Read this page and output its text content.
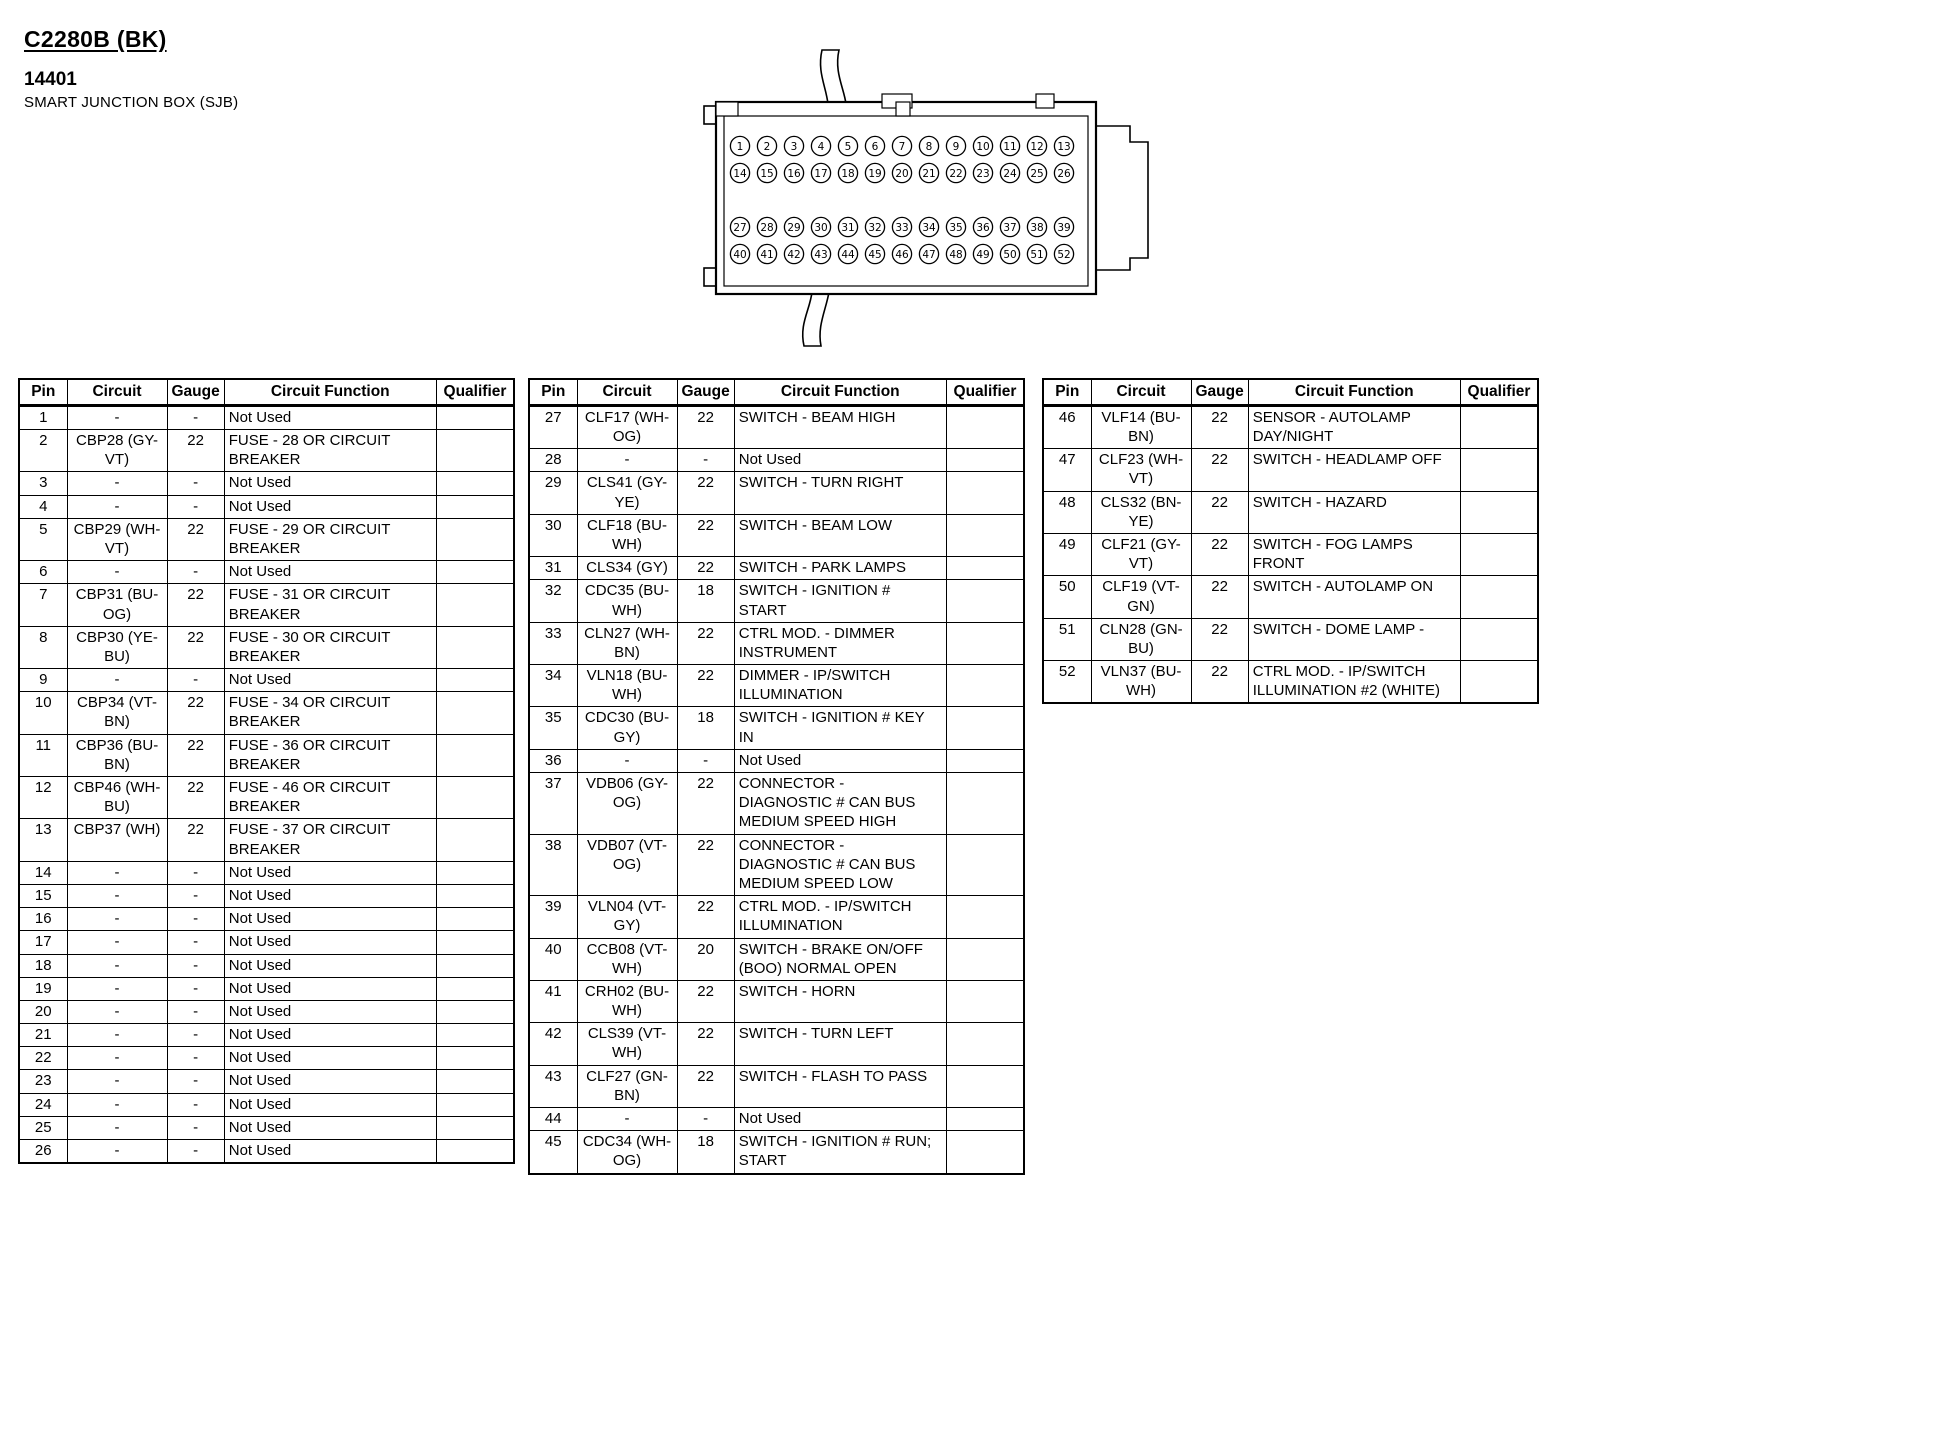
C2280B (BK)
14401
SMART JUNCTION BOX (SJB)
1 2 3 4 5 6 7 8 9 10 11 12 13
14 15 16 17 18 19 20 21 22 23 24 25 26
27 28 29 30 31 32 33 34 35 36 37 38 39
40 41 42 43 44 45 46 47 48 49 50 51 52
Pin	Circuit	Gauge	Circuit Function	Qualifier
1	-	-	Not Used	
2	CBP28 (GY-VT)	22	FUSE - 28 OR CIRCUIT BREAKER	
3	-	-	Not Used	
4	-	-	Not Used	
5	CBP29 (WH-VT)	22	FUSE - 29 OR CIRCUIT BREAKER	
6	-	-	Not Used	
7	CBP31 (BU-OG)	22	FUSE - 31 OR CIRCUIT BREAKER	
8	CBP30 (YE-BU)	22	FUSE - 30 OR CIRCUIT BREAKER	
9	-	-	Not Used	
10	CBP34 (VT-BN)	22	FUSE - 34 OR CIRCUIT BREAKER	
11	CBP36 (BU-BN)	22	FUSE - 36 OR CIRCUIT BREAKER	
12	CBP46 (WH-BU)	22	FUSE - 46 OR CIRCUIT BREAKER	
13	CBP37 (WH)	22	FUSE - 37 OR CIRCUIT BREAKER	
14	-	-	Not Used	
15	-	-	Not Used	
16	-	-	Not Used	
17	-	-	Not Used	
18	-	-	Not Used	
19	-	-	Not Used	
20	-	-	Not Used	
21	-	-	Not Used	
22	-	-	Not Used	
23	-	-	Not Used	
24	-	-	Not Used	
25	-	-	Not Used	
26	-	-	Not Used	
Pin	Circuit	Gauge	Circuit Function	Qualifier
27	CLF17 (WH-OG)	22	SWITCH - BEAM HIGH	
28	-	-	Not Used	
29	CLS41 (GY-YE)	22	SWITCH - TURN RIGHT	
30	CLF18 (BU-WH)	22	SWITCH - BEAM LOW	
31	CLS34 (GY)	22	SWITCH - PARK LAMPS	
32	CDC35 (BU-WH)	18	SWITCH - IGNITION # START	
33	CLN27 (WH-BN)	22	CTRL MOD. - DIMMER INSTRUMENT	
34	VLN18 (BU-WH)	22	DIMMER - IP/SWITCH ILLUMINATION	
35	CDC30 (BU-GY)	18	SWITCH - IGNITION # KEY IN	
36	-	-	Not Used	
37	VDB06 (GY-OG)	22	CONNECTOR - DIAGNOSTIC # CAN BUS MEDIUM SPEED HIGH	
38	VDB07 (VT-OG)	22	CONNECTOR - DIAGNOSTIC # CAN BUS MEDIUM SPEED LOW	
39	VLN04 (VT-GY)	22	CTRL MOD. - IP/SWITCH ILLUMINATION	
40	CCB08 (VT-WH)	20	SWITCH - BRAKE ON/OFF (BOO) NORMAL OPEN	
41	CRH02 (BU-WH)	22	SWITCH - HORN	
42	CLS39 (VT-WH)	22	SWITCH - TURN LEFT	
43	CLF27 (GN-BN)	22	SWITCH - FLASH TO PASS	
44	-	-	Not Used	
45	CDC34 (WH-OG)	18	SWITCH - IGNITION # RUN; START	
Pin	Circuit	Gauge	Circuit Function	Qualifier
46	VLF14 (BU-BN)	22	SENSOR - AUTOLAMP DAY/NIGHT	
47	CLF23 (WH-VT)	22	SWITCH - HEADLAMP OFF	
48	CLS32 (BN-YE)	22	SWITCH - HAZARD	
49	CLF21 (GY-VT)	22	SWITCH - FOG LAMPS FRONT	
50	CLF19 (VT-GN)	22	SWITCH - AUTOLAMP ON	
51	CLN28 (GN-BU)	22	SWITCH - DOME LAMP -	
52	VLN37 (BU-WH)	22	CTRL MOD. - IP/SWITCH ILLUMINATION #2 (WHITE)	
